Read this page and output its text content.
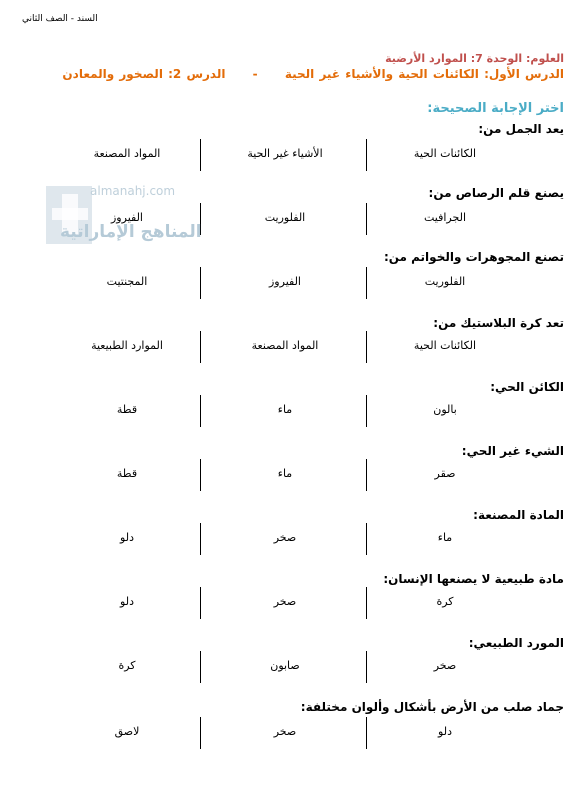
السند - الصف الثاني
العلوم: الوحدة 7: الموارد الأرضية
الدرس الأول: الكائنات الحية والأشياء غير الحية - الدرس 2: الصخور والمعادن
اختر الإجابة الصحيحة:
يعد الجمل من:
الكائنات الحية
الأشياء غير الحية
المواد المصنعة
يصنع قلم الرصاص من:
الجرافيت
الفلوريت
الفيروز
تصنع المجوهرات والخواتم من:
الفلوريت
الفيروز
المجنتيت
تعد كرة البلاستيك من:
الكائنات الحية
المواد المصنعة
الموارد الطبيعية
الكائن الحي:
بالون
ماء
قطة
الشيء غير الحي:
صقر
ماء
قطة
المادة المصنعة:
ماء
صخر
دلو
مادة طبيعية لا يصنعها الإنسان:
كرة
صخر
دلو
المورد الطبيعي:
صخر
صابون
كرة
جماد صلب من الأرض بأشكال وألوان مختلفة:
دلو
صخر
لاصق
almanahj.com
المناهج الإماراتية
